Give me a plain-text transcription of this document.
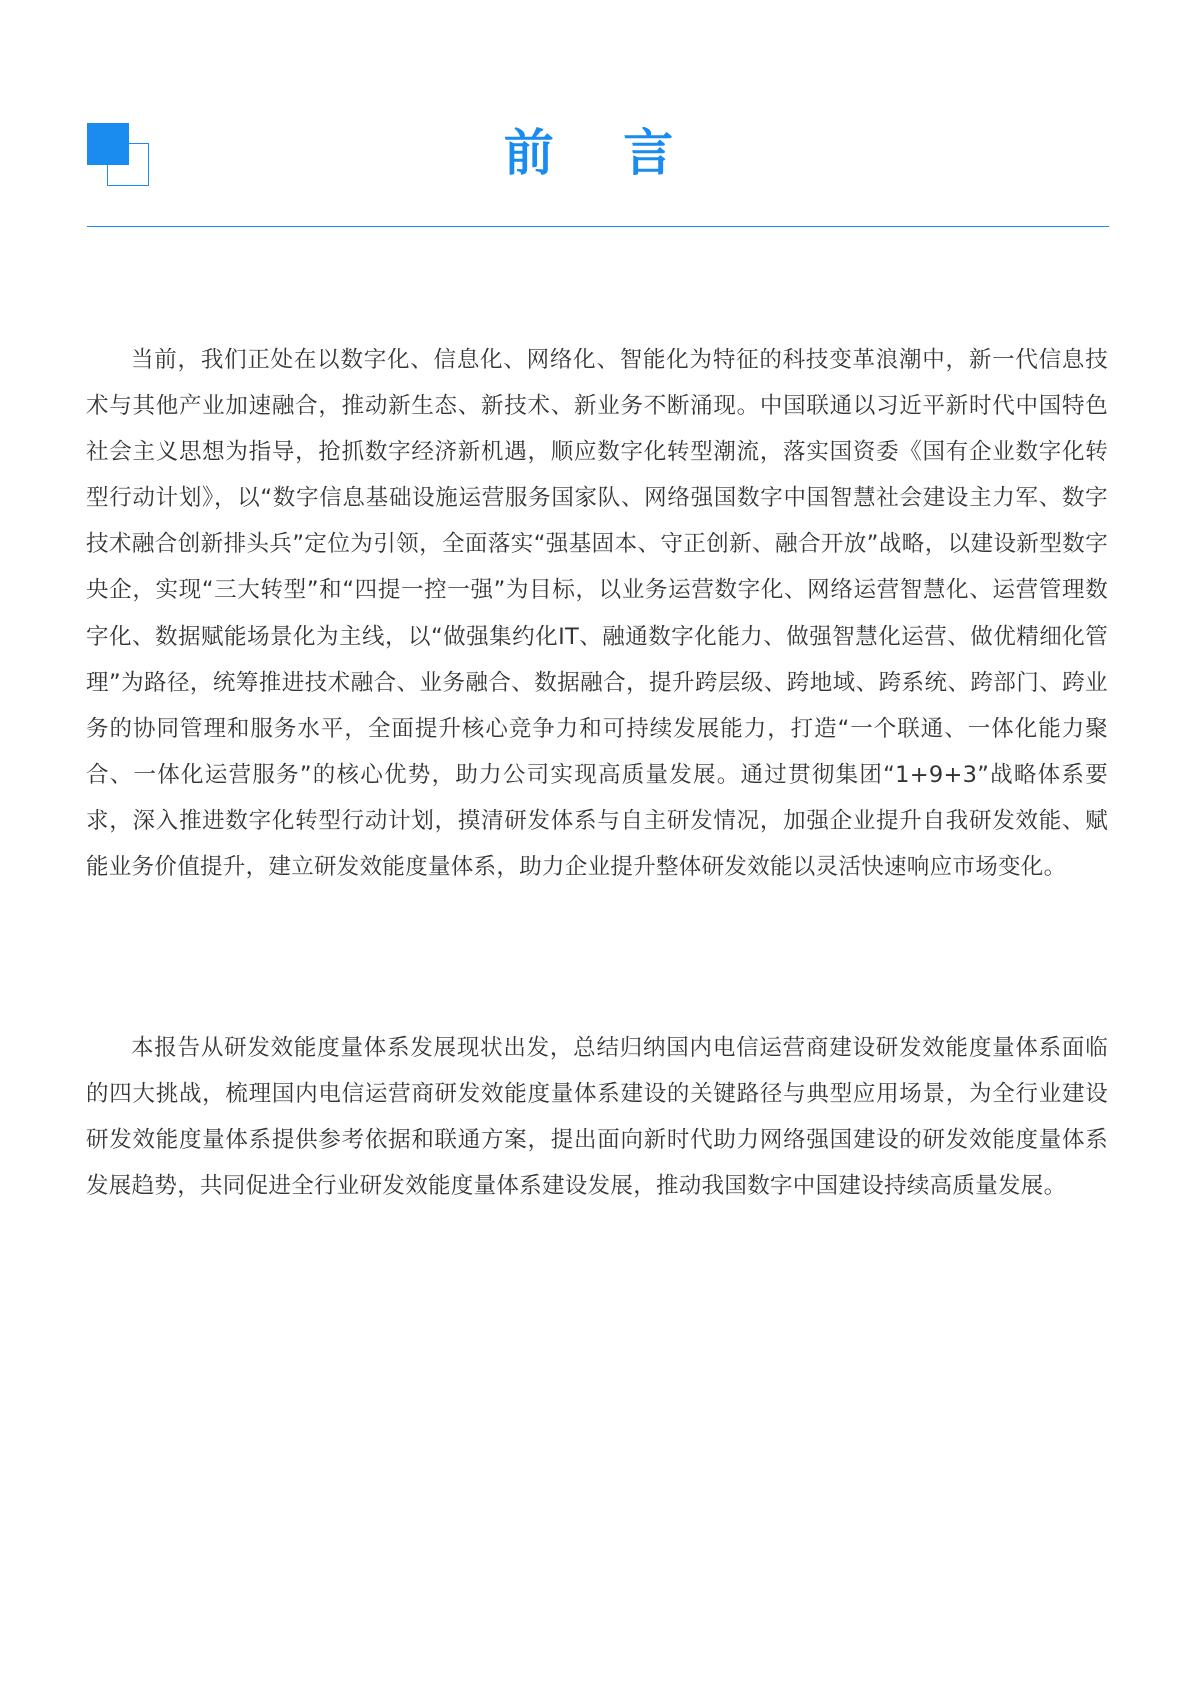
前 言

当前，我们正处在以数字化、信息化、网络化、智能化为特征的科技变革浪潮中，新一代信息技术与其他产业加速融合，推动新生态、新技术、新业务不断涌现。中国联通以习近平新时代中国特色社会主义思想为指导，抢抓数字经济新机遇，顺应数字化转型潮流，落实国资委《国有企业数字化转型行动计划》，以“数字信息基础设施运营服务国家队、网络强国数字中国智慧社会建设主力军、数字技术融合创新排头兵”定位为引领，全面落实“强基固本、守正创新、融合开放”战略，以建设新型数字央企，实现“三大转型”和“四提一控一强”为目标，以业务运营数字化、网络运营智慧化、运营管理数字化、数据赋能场景化为主线，以“做强集约化IT、融通数字化能力、做强智慧化运营、做优精细化管理”为路径，统筹推进技术融合、业务融合、数据融合，提升跨层级、跨地域、跨系统、跨部门、跨业务的协同管理和服务水平，全面提升核心竞争力和可持续发展能力，打造“一个联通、一体化能力聚合、一体化运营服务”的核心优势，助力公司实现高质量发展。通过贯彻集团“1+9+3”战略体系要求，深入推进数字化转型行动计划，摸清研发体系与自主研发情况，加强企业提升自我研发效能、赋能业务价值提升，建立研发效能度量体系，助力企业提升整体研发效能以灵活快速响应市场变化。

本报告从研发效能度量体系发展现状出发，总结归纳国内电信运营商建设研发效能度量体系面临的四大挑战，梳理国内电信运营商研发效能度量体系建设的关键路径与典型应用场景，为全行业建设研发效能度量体系提供参考依据和联通方案，提出面向新时代助力网络强国建设的研发效能度量体系发展趋势，共同促进全行业研发效能度量体系建设发展，推动我国数字中国建设持续高质量发展。
